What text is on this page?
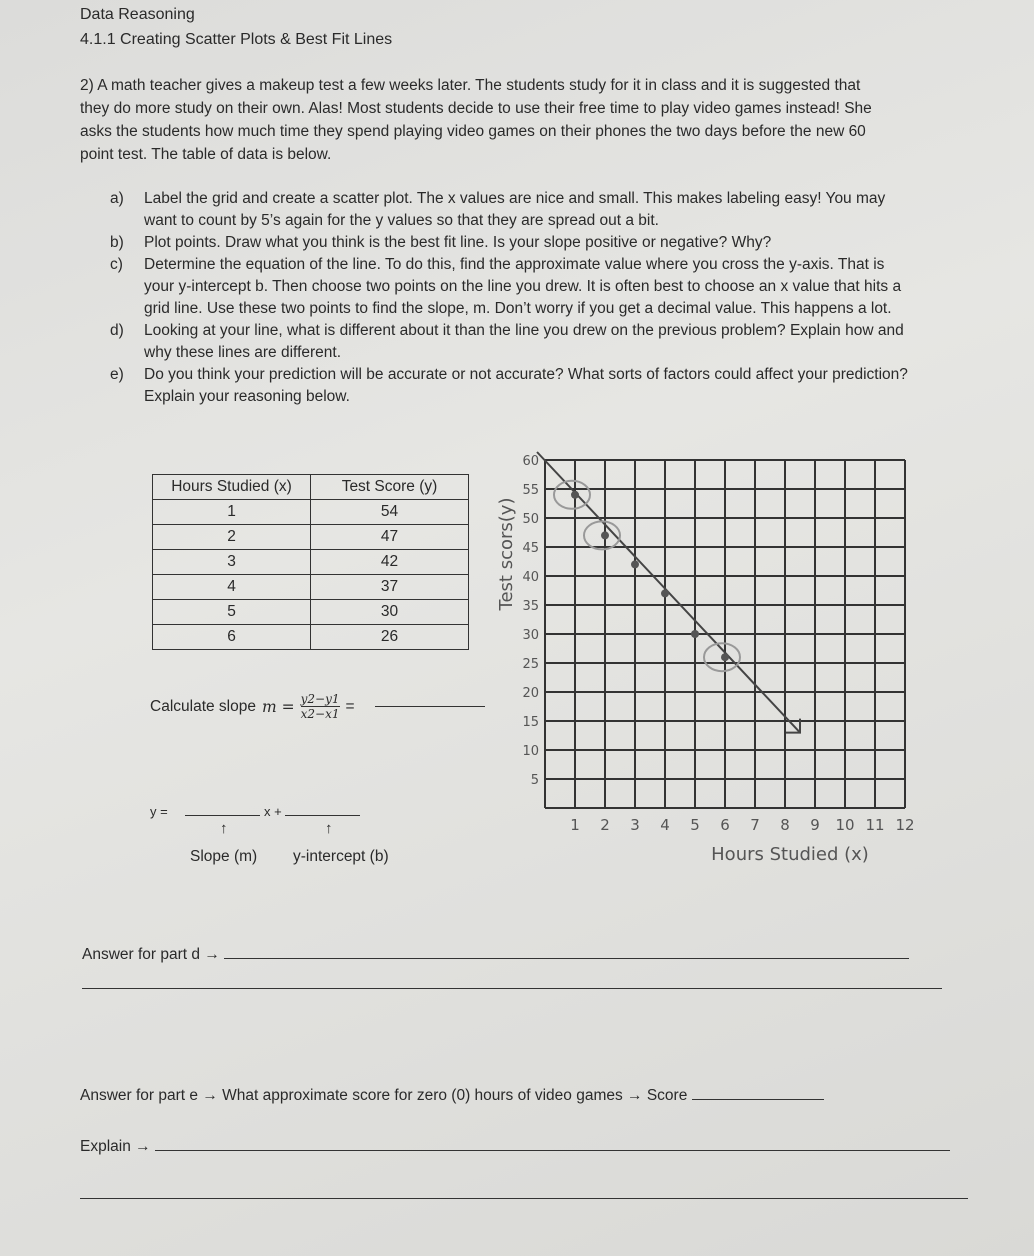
Data Reasoning
4.1.1 Creating Scatter Plots & Best Fit Lines
2) A math teacher gives a makeup test a few weeks later. The students study for it in class and it is suggested that they do more study on their own. Alas! Most students decide to use their free time to play video games instead! She asks the students how much time they spend playing video games on their phones the two days before the new 60 point test. The table of data is below.
a)	Label the grid and create a scatter plot. The x values are nice and small. This makes labeling easy! You may want to count by 5’s again for the y values so that they are spread out a bit.
b)	Plot points. Draw what you think is the best fit line. Is your slope positive or negative? Why?
c)	Determine the equation of the line. To do this, find the approximate value where you cross the y-axis. That is your y-intercept b. Then choose two points on the line you drew. It is often best to choose an x value that hits a grid line. Use these two points to find the slope, m. Don’t worry if you get a decimal value. This happens a lot.
d)	Looking at your line, what is different about it than the line you drew on the previous problem? Explain how and why these lines are different.
e)	Do you think your prediction will be accurate or not accurate? What sorts of factors could affect your prediction? Explain your reasoning below.
Hours Studied (x)	Test Score (y)
1	54
2	47
3	42
4	37
5	30
6	26
Calculate slope $m = \frac{y2-y1}{x2-x1}$ =
y =	x +
↑	↑
Slope (m) y-intercept (b)
1 2 3 4 5 6 7 8 9 10 11 12
5
10
15
20
25
30
35
40
45
50
55
60
Hours Studied (x)
Test scors(y)
Answer for part d →
Answer for part e → What approximate score for zero (0) hours of video games → Score
Explain →
